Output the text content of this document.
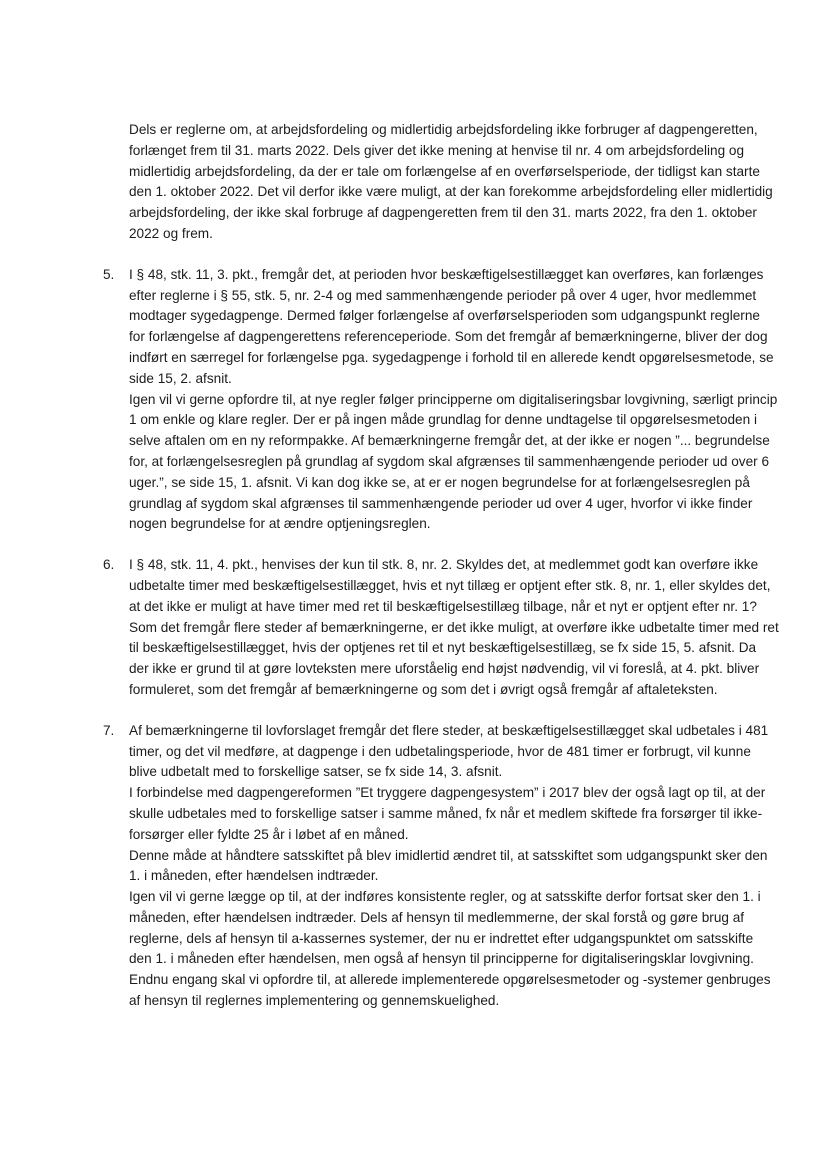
Dels er reglerne om, at arbejdsfordeling og midlertidig arbejdsfordeling ikke forbruger af dagpengeretten, forlænget frem til 31. marts 2022. Dels giver det ikke mening at henvise til nr. 4 om arbejdsfordeling og midlertidig arbejdsfordeling, da der er tale om forlængelse af en overførselsperiode, der tidligst kan starte den 1. oktober 2022. Det vil derfor ikke være muligt, at der kan forekomme arbejdsfordeling eller midlertidig arbejdsfordeling, der ikke skal forbruge af dagpengeretten frem til den 31. marts 2022, fra den 1. oktober 2022 og frem.

5. I § 48, stk. 11, 3. pkt., fremgår det, at perioden hvor beskæftigelsestillægget kan overføres, kan forlænges efter reglerne i § 55, stk. 5, nr. 2-4 og med sammenhængende perioder på over 4 uger, hvor medlemmet modtager sygedagpenge. Dermed følger forlængelse af overførselsperioden som udgangspunkt reglerne for forlængelse af dagpengerettens referenceperiode. Som det fremgår af bemærkningerne, bliver der dog indført en særregel for forlængelse pga. sygedagpenge i forhold til en allerede kendt opgørelsesmetode, se side 15, 2. afsnit.

Igen vil vi gerne opfordre til, at nye regler følger principperne om digitaliseringsbar lovgivning, særligt princip 1 om enkle og klare regler. Der er på ingen måde grundlag for denne undtagelse til opgørelsesmetoden i selve aftalen om en ny reformpakke. Af bemærkningerne fremgår det, at der ikke er nogen ”... begrundelse for, at forlængelsesreglen på grundlag af sygdom skal afgrænses til sammenhængende perioder ud over 6 uger.”, se side 15, 1. afsnit. Vi kan dog ikke se, at er er nogen begrundelse for at forlængelsesreglen på grundlag af sygdom skal afgrænses til sammenhængende perioder ud over 4 uger, hvorfor vi ikke finder nogen begrundelse for at ændre optjeningsreglen.

6. I § 48, stk. 11, 4. pkt., henvises der kun til stk. 8, nr. 2. Skyldes det, at medlemmet godt kan overføre ikke udbetalte timer med beskæftigelsestillægget, hvis et nyt tillæg er optjent efter stk. 8, nr. 1, eller skyldes det, at det ikke er muligt at have timer med ret til beskæftigelsestillæg tilbage, når et nyt er optjent efter nr. 1?

Som det fremgår flere steder af bemærkningerne, er det ikke muligt, at overføre ikke udbetalte timer med ret til beskæftigelsestillægget, hvis der optjenes ret til et nyt beskæftigelsestillæg, se fx side 15, 5. afsnit. Da der ikke er grund til at gøre lovteksten mere uforståelig end højst nødvendig, vil vi foreslå, at 4. pkt. bliver formuleret, som det fremgår af bemærkningerne og som det i øvrigt også fremgår af aftaleteksten.

7. Af bemærkningerne til lovforslaget fremgår det flere steder, at beskæftigelsestillægget skal udbetales i 481 timer, og det vil medføre, at dagpenge i den udbetalingsperiode, hvor de 481 timer er forbrugt, vil kunne blive udbetalt med to forskellige satser, se fx side 14, 3. afsnit.

I forbindelse med dagpengereformen ”Et tryggere dagpengesystem” i 2017 blev der også lagt op til, at der skulle udbetales med to forskellige satser i samme måned, fx når et medlem skiftede fra forsørger til ikke-forsørger eller fyldte 25 år i løbet af en måned.

Denne måde at håndtere satsskiftet på blev imidlertid ændret til, at satsskiftet som udgangspunkt sker den 1. i måneden, efter hændelsen indtræder.

Igen vil vi gerne lægge op til, at der indføres konsistente regler, og at satsskifte derfor fortsat sker den 1. i måneden, efter hændelsen indtræder. Dels af hensyn til medlemmerne, der skal forstå og gøre brug af reglerne, dels af hensyn til a-kassernes systemer, der nu er indrettet efter udgangspunktet om satsskifte den 1. i måneden efter hændelsen, men også af hensyn til principperne for digitaliseringsklar lovgivning. Endnu engang skal vi opfordre til, at allerede implementerede opgørelsesmetoder og -systemer genbruges af hensyn til reglernes implementering og gennemskuelighed.
